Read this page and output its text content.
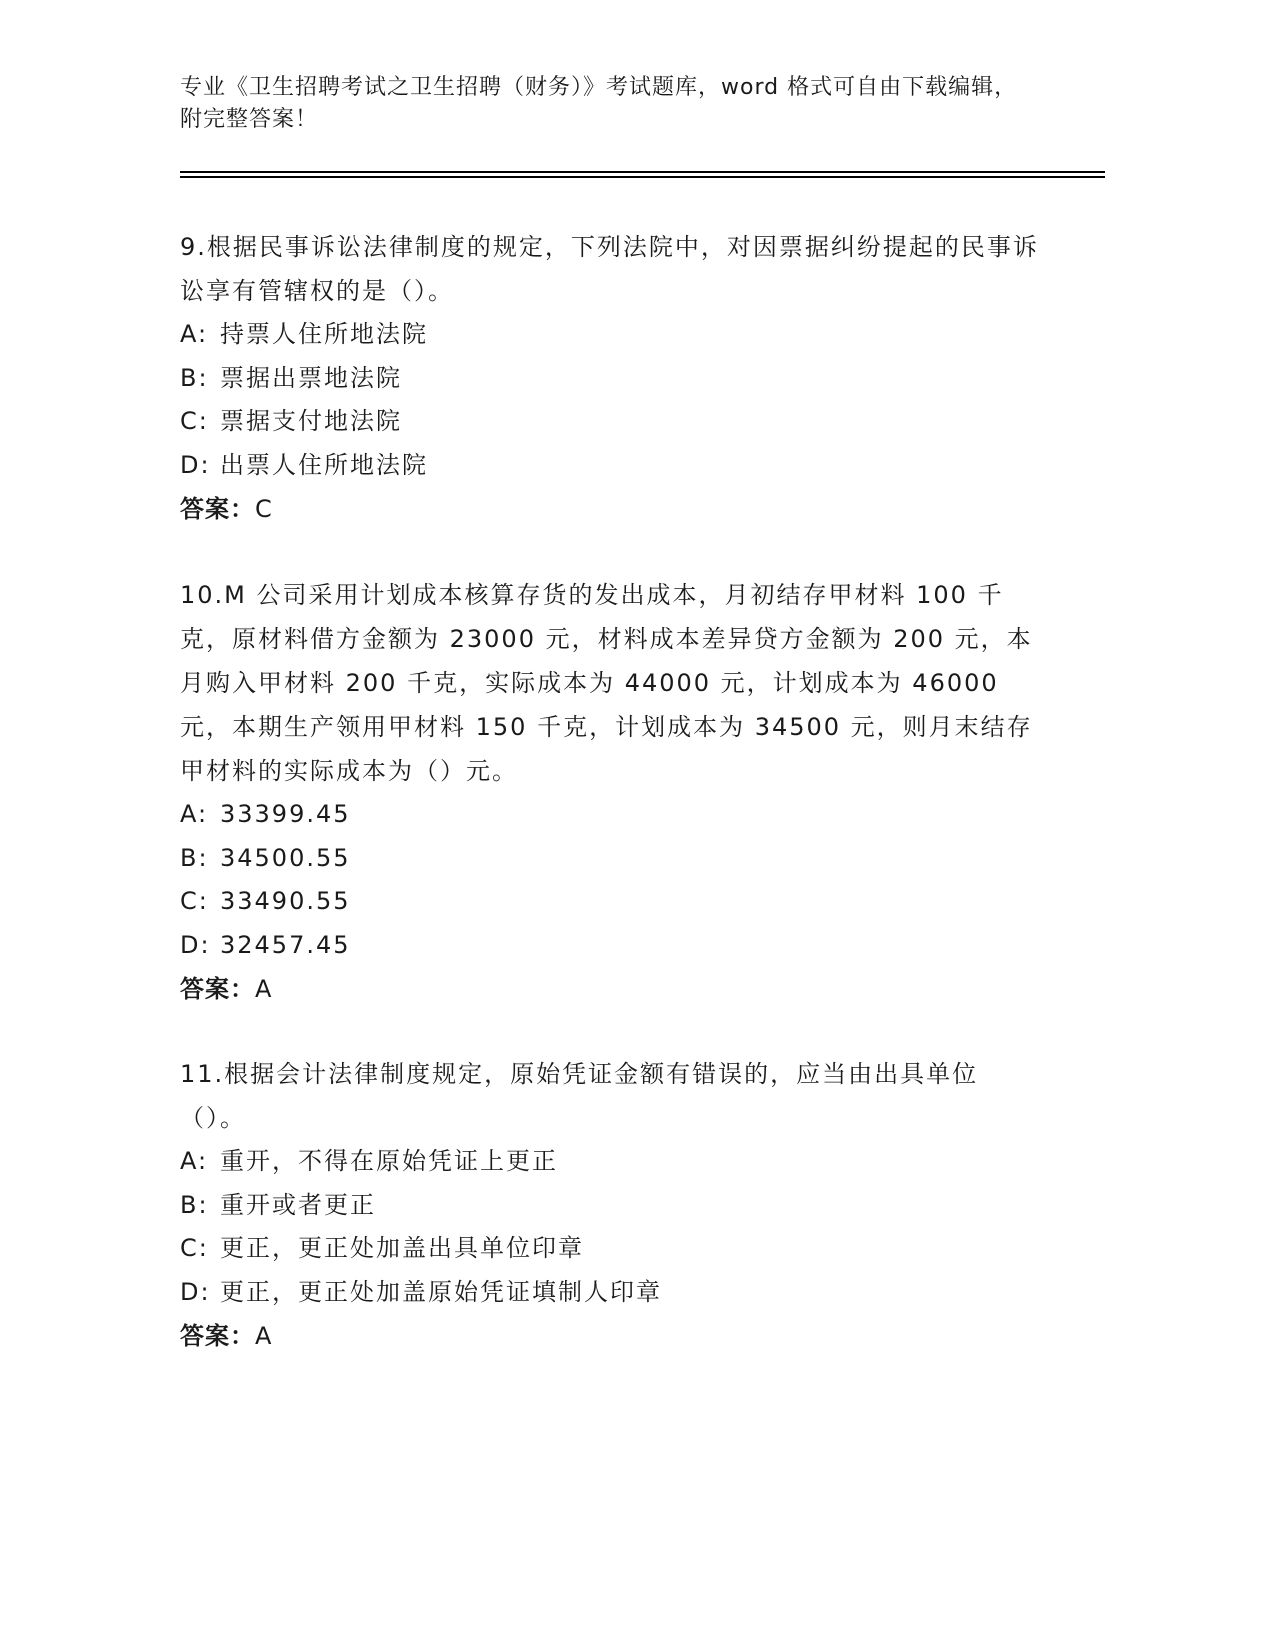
专业《卫生招聘考试之卫生招聘（财务）》考试题库，word 格式可自由下载编辑，附完整答案！

9.根据民事诉讼法律制度的规定，下列法院中，对因票据纠纷提起的民事诉讼享有管辖权的是（）。

A: 持票人住所地法院
B: 票据出票地法院
C: 票据支付地法院
D: 出票人住所地法院
答案：C

10.M 公司采用计划成本核算存货的发出成本，月初结存甲材料 100 千克，原材料借方金额为 23000 元，材料成本差异贷方金额为 200 元，本月购入甲材料 200 千克，实际成本为 44000 元，计划成本为 46000 元，本期生产领用甲材料 150 千克，计划成本为 34500 元，则月末结存甲材料的实际成本为（）元。

A: 33399.45
B: 34500.55
C: 33490.55
D: 32457.45
答案：A

11.根据会计法律制度规定，原始凭证金额有错误的，应当由出具单位（）。

A: 重开，不得在原始凭证上更正
B: 重开或者更正
C: 更正，更正处加盖出具单位印章
D: 更正，更正处加盖原始凭证填制人印章
答案：A
